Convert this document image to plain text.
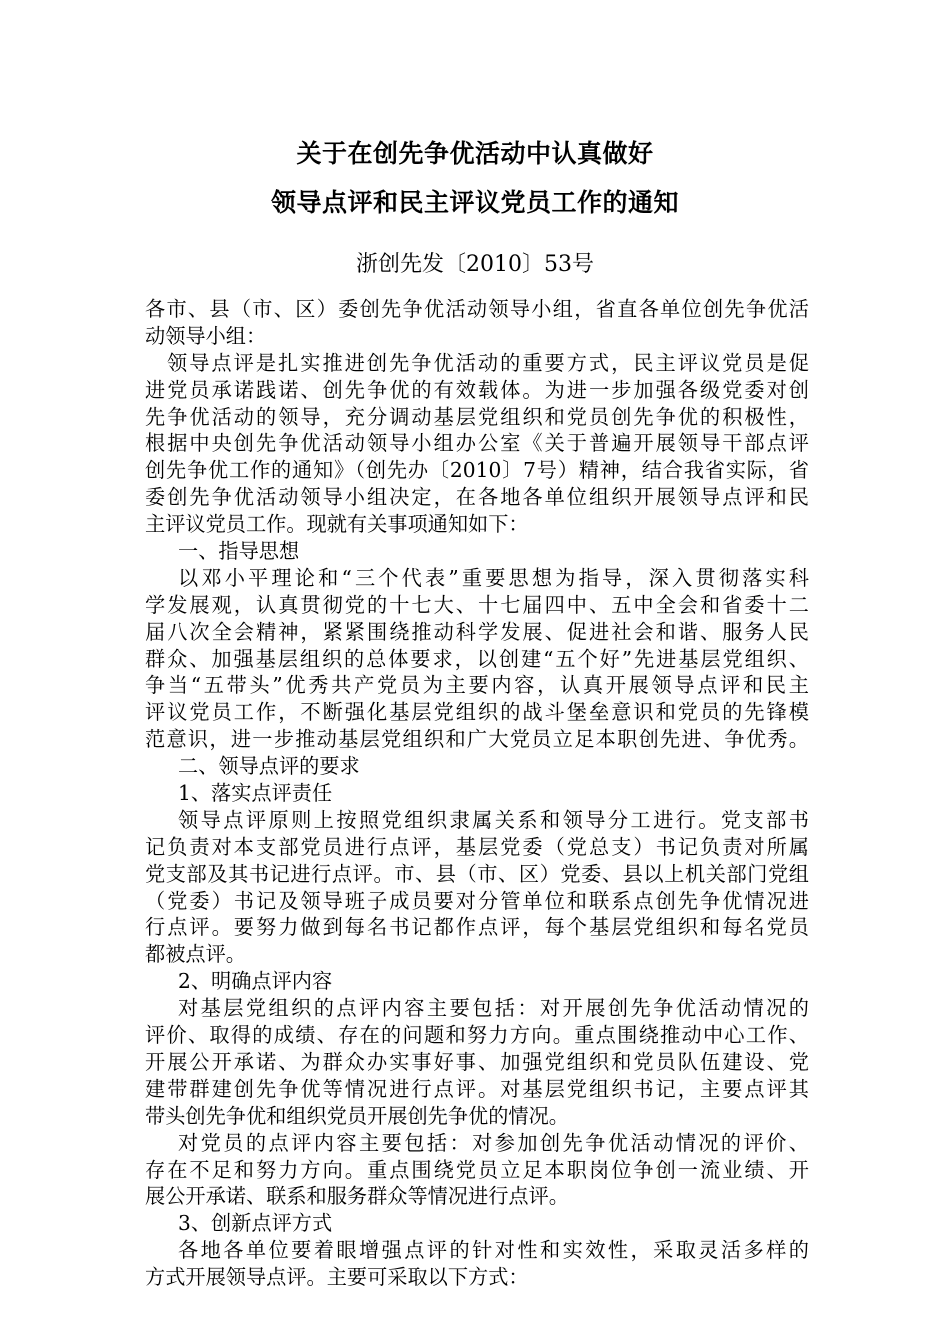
关于在创先争优活动中认真做好
领导点评和民主评议党员工作的通知
浙创先发〔2010〕53号
各市、县（市、区）委创先争优活动领导小组，省直各单位创先争优活
动领导小组：
领导点评是扎实推进创先争优活动的重要方式，民主评议党员是促
进党员承诺践诺、创先争优的有效载体。为进一步加强各级党委对创
先争优活动的领导，充分调动基层党组织和党员创先争优的积极性，
根据中央创先争优活动领导小组办公室《关于普遍开展领导干部点评
创先争优工作的通知》（创先办〔2010〕7号）精神，结合我省实际，省
委创先争优活动领导小组决定，在各地各单位组织开展领导点评和民
主评议党员工作。现就有关事项通知如下：
一、指导思想
以邓小平理论和“三个代表”重要思想为指导，深入贯彻落实科
学发展观，认真贯彻党的十七大、十七届四中、五中全会和省委十二
届八次全会精神，紧紧围绕推动科学发展、促进社会和谐、服务人民
群众、加强基层组织的总体要求，以创建“五个好”先进基层党组织、
争当“五带头”优秀共产党员为主要内容，认真开展领导点评和民主
评议党员工作，不断强化基层党组织的战斗堡垒意识和党员的先锋模
范意识，进一步推动基层党组织和广大党员立足本职创先进、争优秀。
二、领导点评的要求
1、落实点评责任
领导点评原则上按照党组织隶属关系和领导分工进行。党支部书
记负责对本支部党员进行点评，基层党委（党总支）书记负责对所属
党支部及其书记进行点评。市、县（市、区）党委、县以上机关部门党组
（党委）书记及领导班子成员要对分管单位和联系点创先争优情况进
行点评。要努力做到每名书记都作点评，每个基层党组织和每名党员
都被点评。
2、明确点评内容
对基层党组织的点评内容主要包括：对开展创先争优活动情况的
评价、取得的成绩、存在的问题和努力方向。重点围绕推动中心工作、
开展公开承诺、为群众办实事好事、加强党组织和党员队伍建设、党
建带群建创先争优等情况进行点评。对基层党组织书记，主要点评其
带头创先争优和组织党员开展创先争优的情况。
对党员的点评内容主要包括：对参加创先争优活动情况的评价、
存在不足和努力方向。重点围绕党员立足本职岗位争创一流业绩、开
展公开承诺、联系和服务群众等情况进行点评。
3、创新点评方式
各地各单位要着眼增强点评的针对性和实效性，采取灵活多样的
方式开展领导点评。主要可采取以下方式：
